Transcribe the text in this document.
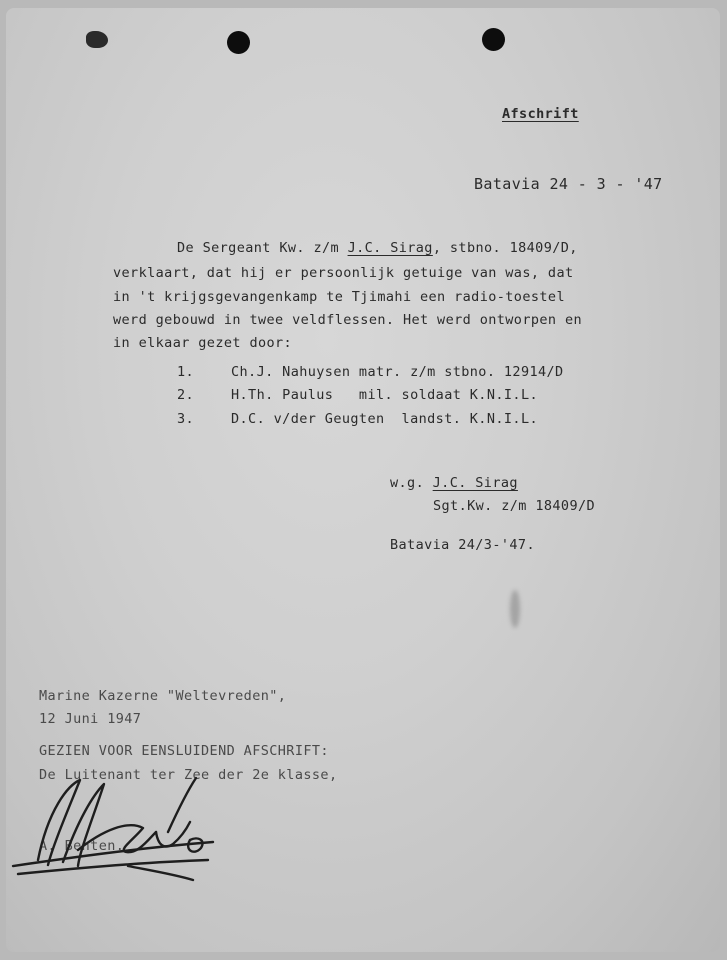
Afschrift

Batavia 24 - 3 - '47

De Sergeant Kw. z/m J.C. Sirag, stbno. 18409/D,

verklaart, dat hij er persoonlijk getuige van was, dat

in 't krijgsgevangenkamp te Tjimahi een radio-toestel

werd gebouwd in twee veldflessen. Het werd ontworpen en

in elkaar gezet door:

1.	Ch.J. Nahuysen matr. z/m stbno. 12914/D

2.	H.Th. Paulus   mil. soldaat K.N.I.L.

3.	D.C. v/der Geugten  landst. K.N.I.L.

w.g. J.C. Sirag

Sgt.Kw. z/m 18409/D

Batavia 24/3-'47.

Marine Kazerne "Weltevreden",

12 Juni 1947

GEZIEN VOOR EENSLUIDEND AFSCHRIFT:

De Luitenant ter Zee der 2e klasse,

A. Benten.
